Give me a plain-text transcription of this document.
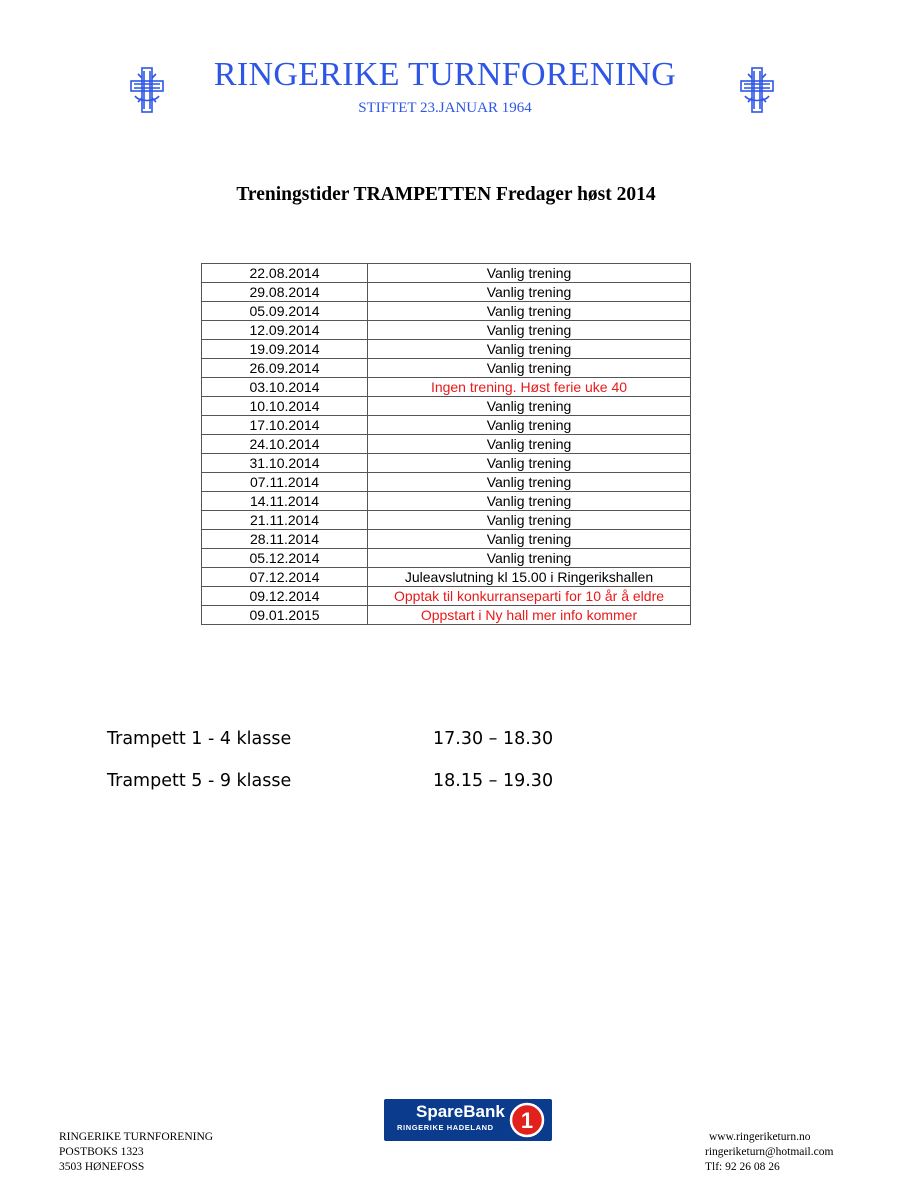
RINGERIKE TURNFORENING
STIFTET 23.JANUAR 1964
Treningstider TRAMPETTEN Fredager høst 2014
22.08.2014	Vanlig trening
29.08.2014	Vanlig trening
05.09.2014	Vanlig trening
12.09.2014	Vanlig trening
19.09.2014	Vanlig trening
26.09.2014	Vanlig trening
03.10.2014	Ingen trening. Høst ferie uke 40
10.10.2014	Vanlig trening
17.10.2014	Vanlig trening
24.10.2014	Vanlig trening
31.10.2014	Vanlig trening
07.11.2014	Vanlig trening
14.11.2014	Vanlig trening
21.11.2014	Vanlig trening
28.11.2014	Vanlig trening
05.12.2014	Vanlig trening
07.12.2014	Juleavslutning kl 15.00 i Ringerikshallen
09.12.2014	Opptak til konkurranseparti for 10 år å eldre
09.01.2015	Oppstart i Ny hall mer info kommer
Trampett 1 - 4 klasse	17.30 – 18.30
Trampett 5 - 9 klasse	18.15 – 19.30
SpareBank
RINGERIKE HADELAND 1
RINGERIKE TURNFORENING
POSTBOKS 1323
3503 HØNEFOSS
www.ringeriketurn.no
ringeriketurn@hotmail.com
Tlf: 92 26 08 26
